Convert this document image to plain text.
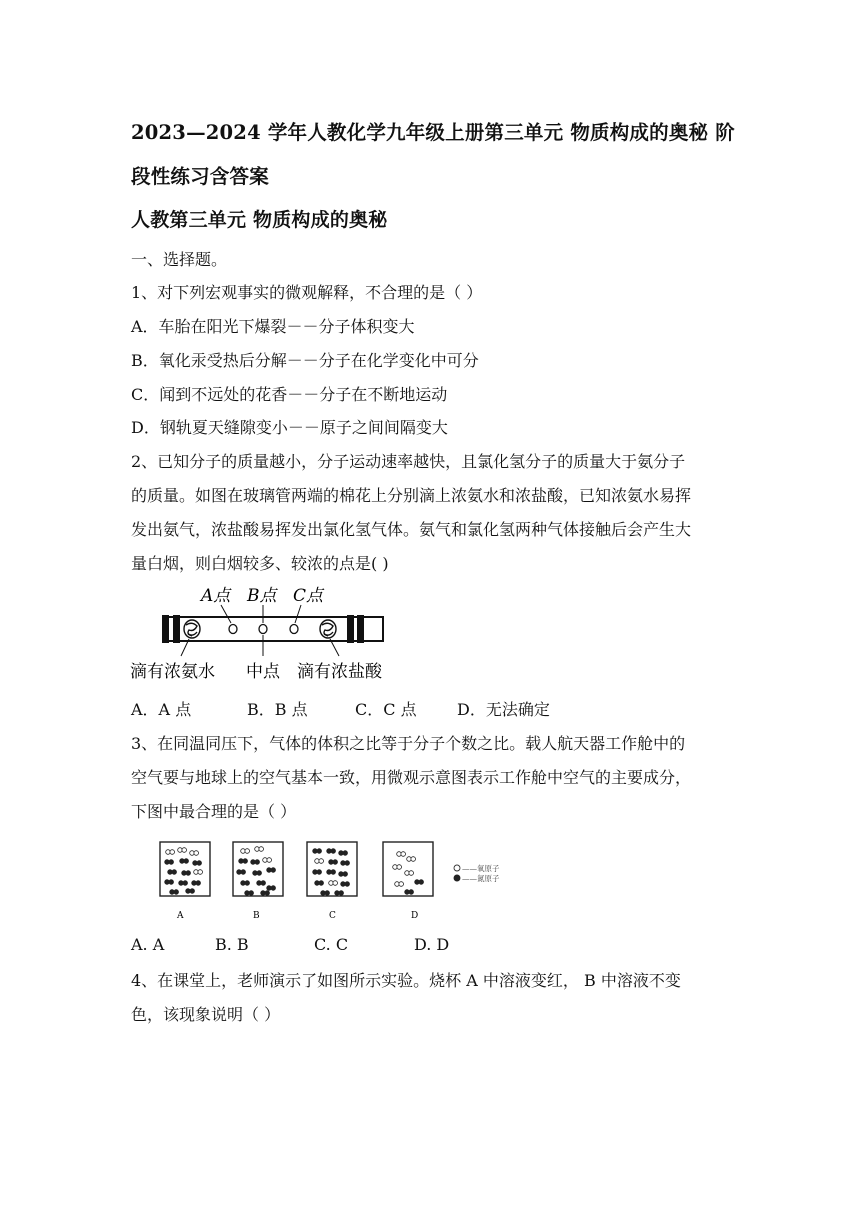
2023—2024 学年人教化学九年级上册第三单元 物质构成的奥秘 阶
段性练习含答案
人教第三单元 物质构成的奥秘
一、选择题。
1、对下列宏观事实的微观解释，不合理的是（ ）
A．车胎在阳光下爆裂－－分子体积变大
B．氧化汞受热后分解－－分子在化学变化中可分
C．闻到不远处的花香－－分子在不断地运动
D．钢轨夏天缝隙变小－－原子之间间隔变大
2、已知分子的质量越小，分子运动速率越快，且氯化氢分子的质量大于氨分子
的质量。如图在玻璃管两端的棉花上分别滴上浓氨水和浓盐酸，已知浓氨水易挥
发出氨气，浓盐酸易挥发出氯化氢气体。氨气和氯化氢两种气体接触后会产生大
量白烟，则白烟较多、较浓的点是( )
A点 B点 C点
滴有浓氨水 中点 滴有浓盐酸
A．A 点	B．B 点	C．C 点	D．无法确定
3、在同温同压下，气体的体积之比等于分子个数之比。载人航天器工作舱中的
空气要与地球上的空气基本一致，用微观示意图表示工作舱中空气的主要成分，
下图中最合理的是（ ）
A	B	C	D
——氧原子
——氮原子
A. A	B. B	C. C	D. D
4、在课堂上，老师演示了如图所示实验。烧杯 A 中溶液变红， B 中溶液不变
色，该现象说明（ ）
